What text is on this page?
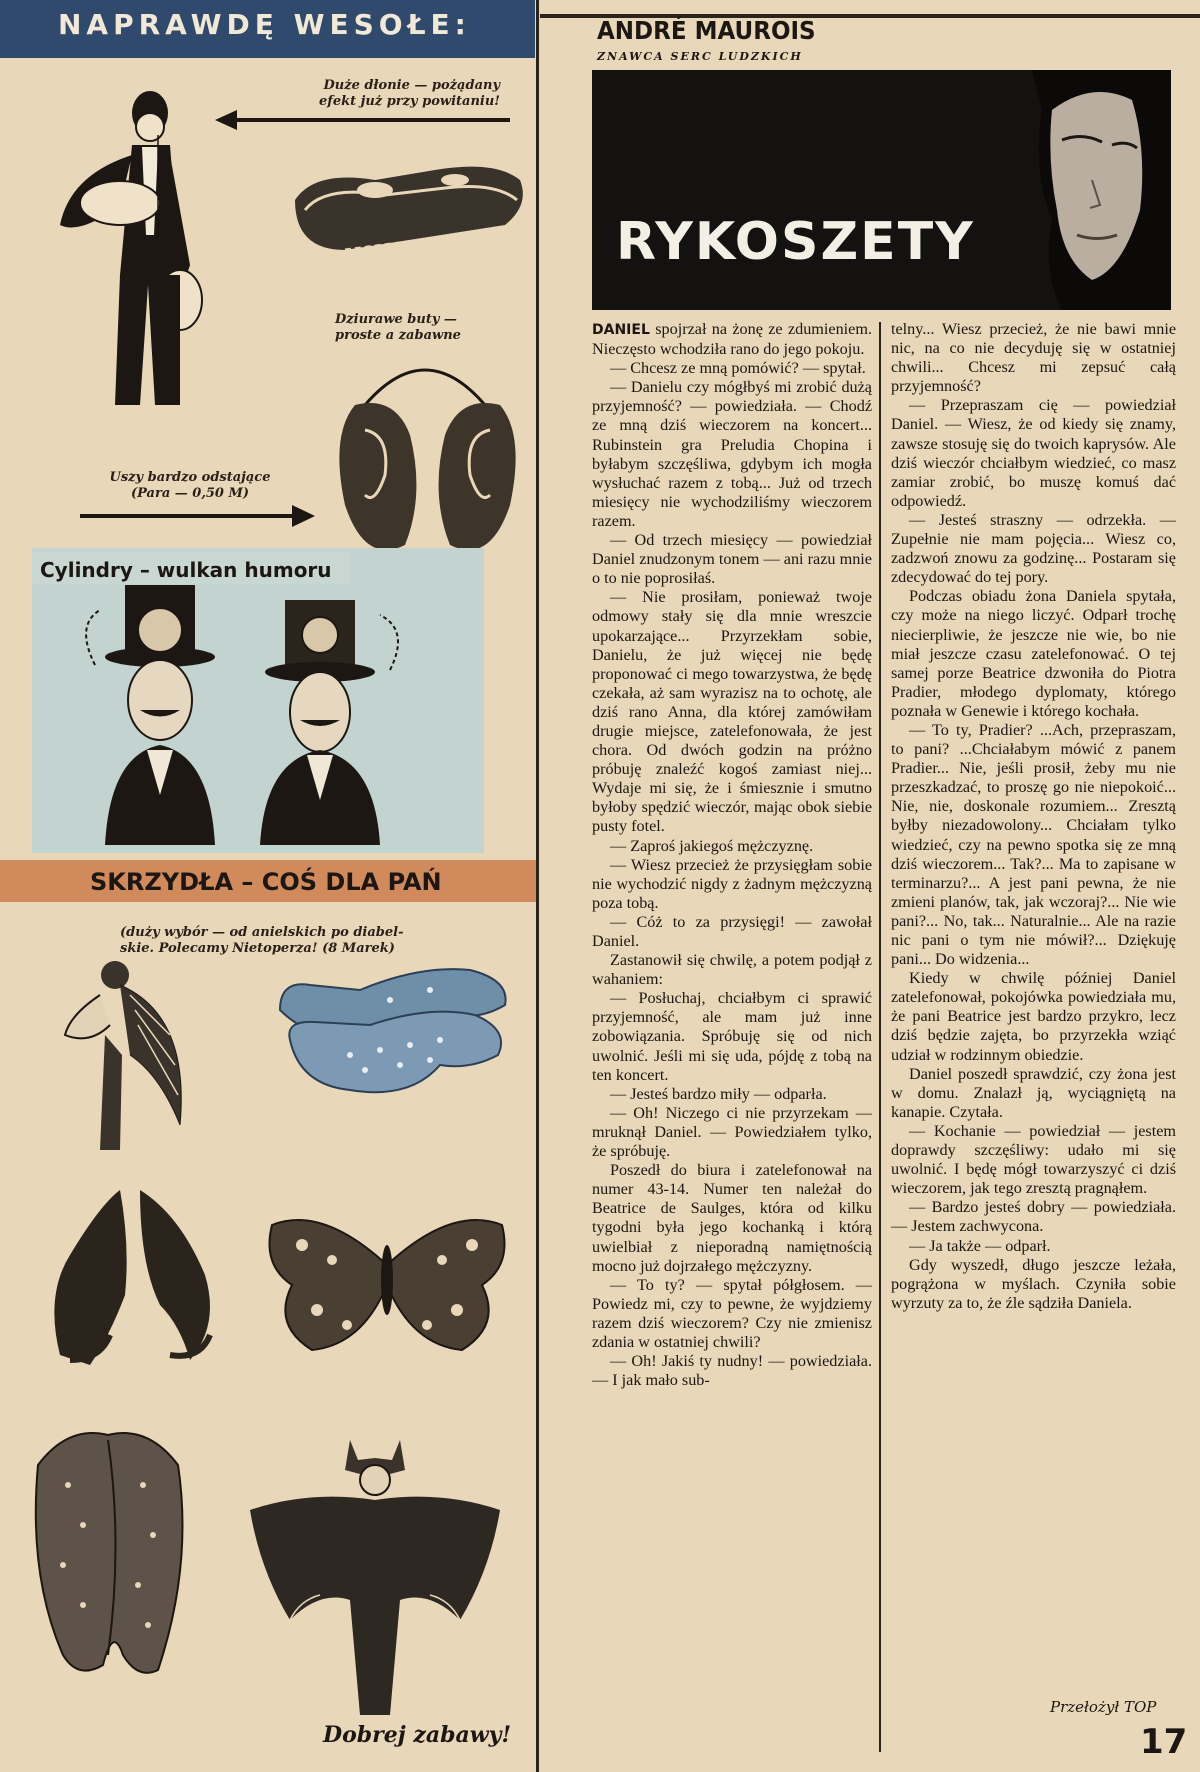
NAPRAWDĘ WESOŁE:
Duże dłonie — pożądany
efekt już przy powitaniu!
Dziurawe buty —
proste a zabawne
Uszy bardzo odstające
(Para — 0,50 M)
Cylindry – wulkan humoru
SKRZYDŁA – COŚ DLA PAŃ
(duży wybór — od anielskich po diabel-
skie. Polecamy Nietoperza! (8 Marek)
Dobrej zabawy!
ANDRÉ MAUROIS
ZNAWCA SERC LUDZKICH
RYKOSZETY

DANIEL spojrzał na żonę ze zdumieniem. Nieczęsto wchodziła rano do jego pokoju.

— Chcesz ze mną pomówić? — spytał.

— Danielu czy mógłbyś mi zrobić dużą przyjemność? — powiedziała. — Chodź ze mną dziś wieczorem na koncert... Rubinstein gra Preludia Chopina i byłabym szczęśliwa, gdybym ich mogła wysłuchać razem z tobą... Już od trzech miesięcy nie wychodziliśmy wieczorem razem.

— Od trzech miesięcy — powiedział Daniel znudzonym tonem — ani razu mnie o to nie poprosiłaś.

— Nie prosiłam, ponieważ twoje odmowy stały się dla mnie wreszcie upokarzające... Przyrzekłam sobie, Danielu, że już więcej nie będę proponować ci mego towarzystwa, że będę czekała, aż sam wyrazisz na to ochotę, ale dziś rano Anna, dla której zamówiłam drugie miejsce, zatelefonowała, że jest chora. Od dwóch godzin na próżno próbuję znaleźć kogoś zamiast niej... Wydaje mi się, że i śmiesznie i smutno byłoby spędzić wieczór, mając obok siebie pusty fotel.

— Zaproś jakiegoś mężczyznę.

— Wiesz przecież że przysięgłam sobie nie wychodzić nigdy z żadnym mężczyzną poza tobą.

— Cóż to za przysięgi! — zawołał Daniel.

Zastanowił się chwilę, a potem podjął z wahaniem:

— Posłuchaj, chciałbym ci sprawić przyjemność, ale mam już inne zobowiązania. Spróbuję się od nich uwolnić. Jeśli mi się uda, pójdę z tobą na ten koncert.

— Jesteś bardzo miły — odparła.

— Oh! Niczego ci nie przyrzekam — mruknął Daniel. — Powiedziałem tylko, że spróbuję.

Poszedł do biura i zatelefonował na numer 43-14. Numer ten należał do Beatrice de Saulges, która od kilku tygodni była jego kochanką i którą uwielbiał z nieporadną namiętnością mocno już dojrzałego mężczyzny.

— To ty? — spytał półgłosem. — Powiedz mi, czy to pewne, że wyjdziemy razem dziś wieczorem? Czy nie zmienisz zdania w ostatniej chwili?

— Oh! Jakiś ty nudny! — powiedziała. — I jak mało sub-

telny... Wiesz przecież, że nie bawi mnie nic, na co nie decyduję się w ostatniej chwili... Chcesz mi zepsuć całą przyjemność?

— Przepraszam cię — powiedział Daniel. — Wiesz, że od kiedy się znamy, zawsze stosuję się do twoich kaprysów. Ale dziś wieczór chciałbym wiedzieć, co masz zamiar zrobić, bo muszę komuś dać odpowiedź.

— Jesteś straszny — odrzekła. — Zupełnie nie mam pojęcia... Wiesz co, zadzwoń znowu za godzinę... Postaram się zdecydować do tej pory.

Podczas obiadu żona Daniela spytała, czy może na niego liczyć. Odparł trochę niecierpliwie, że jeszcze nie wie, bo nie miał jeszcze czasu zatelefonować. O tej samej porze Beatrice dzwoniła do Piotra Pradier, młodego dyplomaty, którego poznała w Genewie i którego kochała.

— To ty, Pradier? ...Ach, przepraszam, to pani? ...Chciałabym mówić z panem Pradier... Nie, jeśli prosił, żeby mu nie przeszkadzać, to proszę go nie niepokoić... Nie, nie, doskonale rozumiem... Zresztą byłby niezadowolony... Chciałam tylko wiedzieć, czy na pewno spotka się ze mną dziś wieczorem... Tak?... Ma to zapisane w terminarzu?... A jest pani pewna, że nie zmieni planów, tak, jak wczoraj?... Nie wie pani?... No, tak... Naturalnie... Ale na razie nic pani o tym nie mówił?... Dziękuję pani... Do widzenia...

Kiedy w chwilę później Daniel zatelefonował, pokojówka powiedziała mu, że pani Beatrice jest bardzo przykro, lecz dziś będzie zajęta, bo przyrzekła wziąć udział w rodzinnym obiedzie.

Daniel poszedł sprawdzić, czy żona jest w domu. Znalazł ją, wyciągniętą na kanapie. Czytała.

— Kochanie — powiedział — jestem doprawdy szczęśliwy: udało mi się uwolnić. I będę mógł towarzyszyć ci dziś wieczorem, jak tego zresztą pragnąłem.

— Bardzo jesteś dobry — powiedziała. — Jestem zachwycona.

— Ja także — odparł.

Gdy wyszedł, długo jeszcze leżała, pogrążona w myślach. Czyniła sobie wyrzuty za to, że źle sądziła Daniela.

Przełożył TOP
17
